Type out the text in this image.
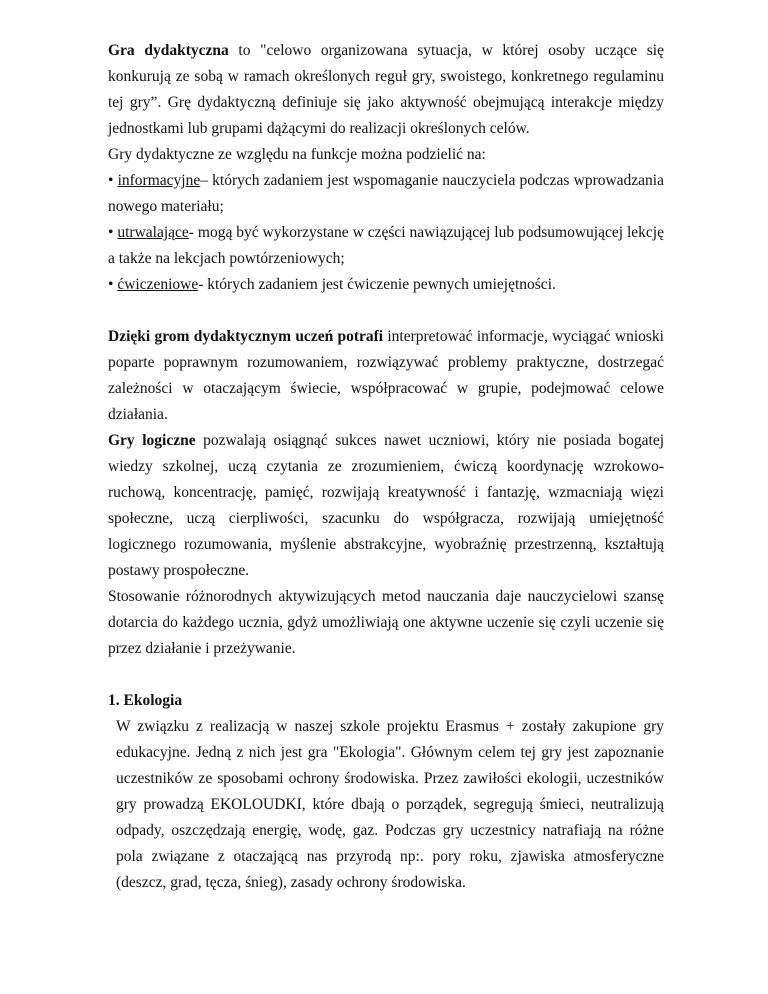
Gra dydaktyczna to "celowo organizowana sytuacja, w której osoby uczące się konkurują ze sobą w ramach określonych reguł gry, swoistego, konkretnego regulaminu tej gry”. Grę dydaktyczną definiuje się jako aktywność obejmującą interakcje między jednostkami lub grupami dążącymi do realizacji określonych celów.

Gry dydaktyczne ze względu na funkcje można podzielić na:

• informacyjne– których zadaniem jest wspomaganie nauczyciela podczas wprowadzania nowego materiału;

• utrwalające- mogą być wykorzystane w części nawiązującej lub podsumowującej lekcję a także na lekcjach powtórzeniowych;

• ćwiczeniowe- których zadaniem jest ćwiczenie pewnych umiejętności.

Dzięki grom dydaktycznym uczeń potrafi interpretować informacje, wyciągać wnioski poparte poprawnym rozumowaniem, rozwiązywać problemy praktyczne, dostrzegać zależności w otaczającym świecie, współpracować w grupie, podejmować celowe działania.

Gry logiczne pozwalają osiągnąć sukces nawet uczniowi, który nie posiada bogatej wiedzy szkolnej, uczą czytania ze zrozumieniem, ćwiczą koordynację wzrokowo-ruchową, koncentrację, pamięć, rozwijają kreatywność i fantazję, wzmacniają więzi społeczne, uczą cierpliwości, szacunku do współgracza, rozwijają umiejętność logicznego rozumowania, myślenie abstrakcyjne, wyobraźnię przestrzenną, kształtują postawy prospołeczne.

Stosowanie różnorodnych aktywizujących metod nauczania daje nauczycielowi szansę dotarcia do każdego ucznia, gdyż umożliwiają one aktywne uczenie się czyli uczenie się przez działanie i przeżywanie.

1. Ekologia

W związku z realizacją w naszej szkole projektu Erasmus + zostały zakupione gry edukacyjne. Jedną z nich jest gra "Ekologia". Głównym celem tej gry jest zapoznanie uczestników ze sposobami ochrony środowiska. Przez zawiłości ekologii, uczestników gry prowadzą EKOLOUDKI, które dbają o porządek, segregują śmieci, neutralizują odpady, oszczędzają energię, wodę, gaz. Podczas gry uczestnicy natrafiają na różne pola związane z otaczającą nas przyrodą np:. pory roku, zjawiska atmosferyczne (deszcz, grad, tęcza, śnieg), zasady ochrony środowiska.
